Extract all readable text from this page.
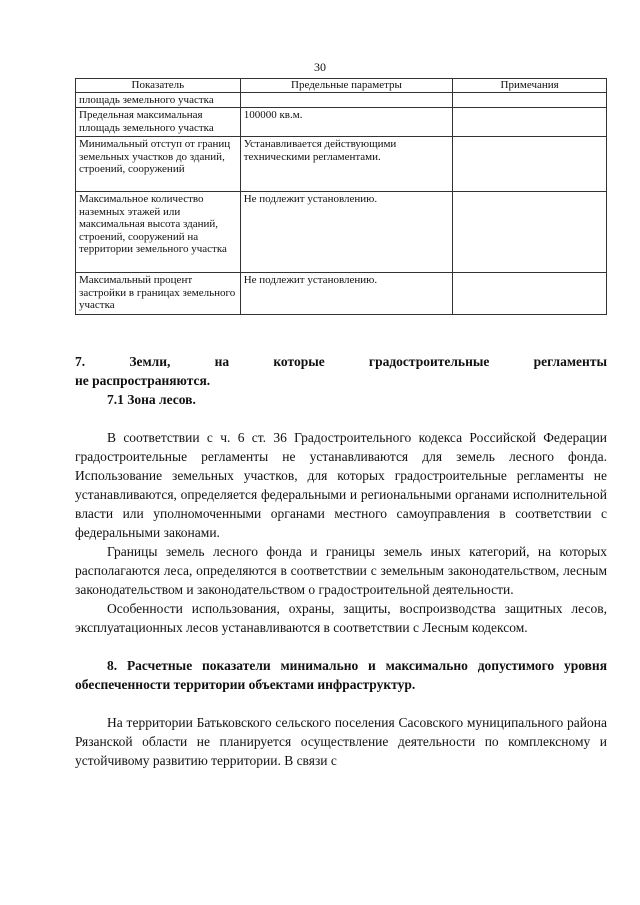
30
Показатель	Предельные параметры	Примечания
площадь земельного участка		
Предельная максимальная площадь земельного участка	100000 кв.м.	
Минимальный отступ от границ земельных участков до зданий, строений, сооружений	Устанавливается действующими техническими регламентами.	
Максимальное количество наземных этажей или максимальная высота зданий, строений, сооружений на территории земельного участка	Не подлежит установлению.	
Максимальный процент застройки в границах земельного участка	Не подлежит установлению.	

7. Земли, на которые градостроительные регламенты

не распространяются.

7.1 Зона лесов.

В соответствии с ч. 6 ст. 36 Градостроительного кодекса Российской Федерации градостроительные регламенты не устанавливаются для земель лесного фонда. Использование земельных участков, для которых градостроительные регламенты не устанавливаются, определяется федеральными и региональными органами исполнительной власти или уполномоченными органами местного самоуправления в соответствии с федеральными законами.

Границы земель лесного фонда и границы земель иных категорий, на которых располагаются леса, определяются в соответствии с земельным законодательством, лесным законодательством и законодательством о градостроительной деятельности.

Особенности использования, охраны, защиты, воспроизводства защитных лесов, эксплуатационных лесов устанавливаются в соответствии с Лесным кодексом.

8. Расчетные показатели минимально и максимально допустимого уровня обеспеченности территории объектами инфраструктур.

На территории Батьковского сельского поселения Сасовского муниципального района Рязанской области не планируется осуществление деятельности по комплексному и устойчивому развитию территории. В связи с
